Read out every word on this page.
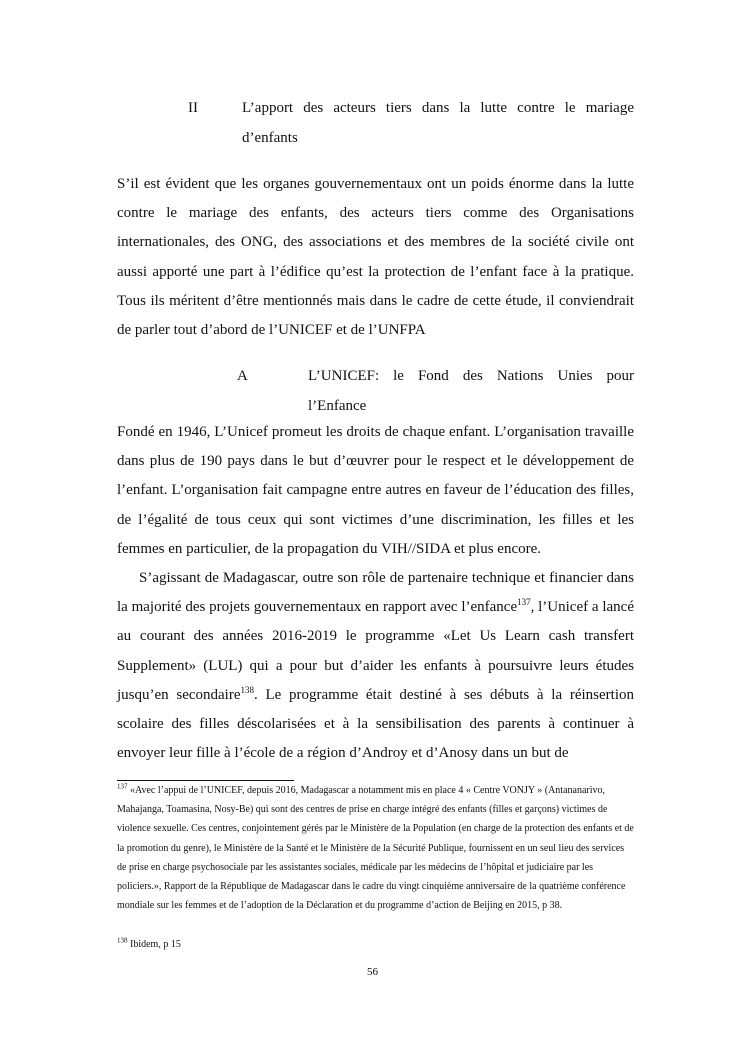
II	L’apport des acteurs tiers dans la lutte contre le mariage d’enfants

S’il est évident que les organes gouvernementaux ont un poids énorme dans la lutte contre le mariage des enfants, des acteurs tiers comme des Organisations internationales, des ONG, des associations et des membres de la société civile ont aussi apporté une part à l’édifice qu’est la protection de l’enfant face à la pratique. Tous ils méritent d’être mentionnés mais dans le cadre de cette étude, il conviendrait de parler tout d’abord de l’UNICEF et de l’UNFPA

A	L’UNICEF: le Fond des Nations Unies pour l’Enfance

Fondé en 1946, L’Unicef promeut les droits de chaque enfant. L’organisation travaille dans plus de 190 pays dans le but d’œuvrer pour le respect et le développement de l’enfant. L’organisation fait campagne entre autres en faveur de l’éducation des filles, de l’égalité de tous ceux qui sont victimes d’une discrimination, les filles et les femmes en particulier, de la propagation du VIH//SIDA et plus encore.

S’agissant de Madagascar, outre son rôle de partenaire technique et financier dans la majorité des projets gouvernementaux en rapport avec l’enfance$^{137}$, l’Unicef a lancé au courant des années 2016-2019 le programme «Let Us Learn cash transfert Supplement» (LUL) qui a pour but d’aider les enfants à poursuivre leurs études jusqu’en secondaire$^{138}$. Le programme était destiné à ses débuts à la réinsertion scolaire des filles déscolarisées et à la sensibilisation des parents à continuer à envoyer leur fille à l’école de a région d’Androy et d’Anosy dans un but de

$^{137}$ «Avec l’appui de l’UNICEF, depuis 2016, Madagascar a notamment mis en place 4 « Centre VONJY » (Antananarivo, Mahajanga, Toamasina, Nosy-Be) qui sont des centres de prise en charge intégré des enfants (filles et garçons) victimes de violence sexuelle. Ces centres, conjointement gérés par le Ministère de la Population (en charge de la protection des enfants et de la promotion du genre), le Ministère de la Santé et le Ministère de la Sécurité Publique, fournissent en un seul lieu des services de prise en charge psychosociale par les assistantes sociales, médicale par les médecins de l’hôpital et judiciaire par les policiers.», Rapport de la République de Madagascar dans le cadre du vingt cinquième anniversaire de la quatrième conférence mondiale sur les femmes et de l’adoption de la Déclaration et du programme d’action de Beijing en 2015, p 38.

$^{138}$ Ibidem, p 15

56
